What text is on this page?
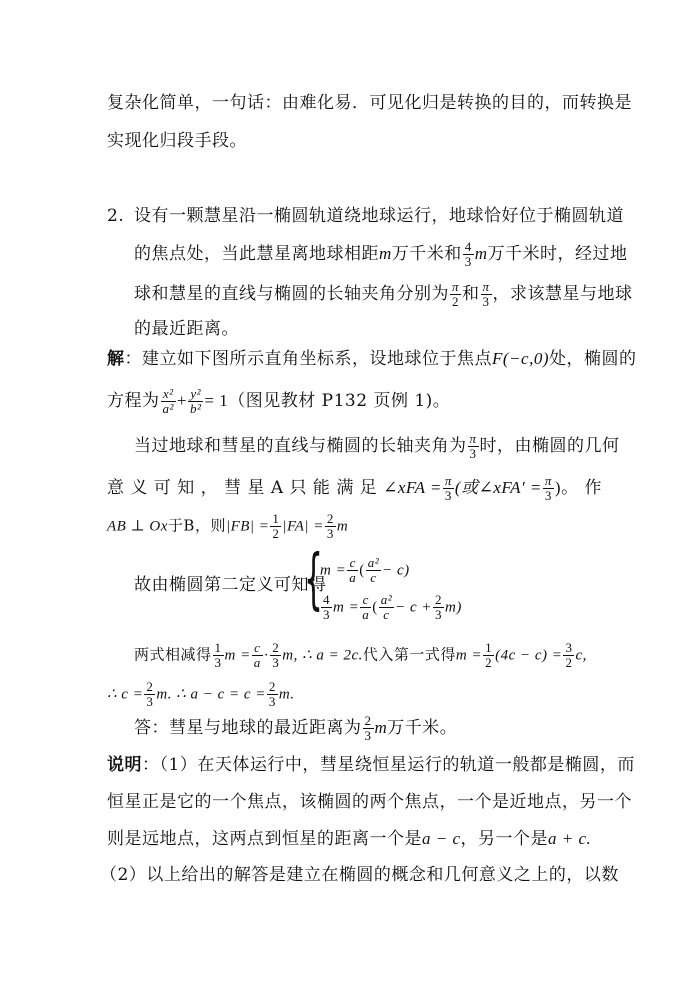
复杂化简单，一句话：由难化易．可见化归是转换的目的，而转换是
实现化归段手段。
2. 设有一颗慧星沿一椭圆轨道绕地球运行，地球恰好位于椭圆轨道
的焦点处，当此慧星离地球相距m万千米和 $\frac{4}{3}$ m万千米时，经过地
球和慧星的直线与椭圆的长轴夹角分别为 $\frac{\pi}{2}$ 和 $\frac{\pi}{3}$ ，求该慧星与地球
的最近距离。
解：建立如下图所示直角坐标系，设地球位于焦点F(−c,0)处，椭圆的
方程为 $\frac{\text{x²}}{\text{a²}} + \frac{\text{y²}}{\text{b²}} = 1$（图见教材 P132 页例 1)。
当过地球和彗星的直线与椭圆的长轴夹角为 $\frac{\pi}{3}$ 时，由椭圆的几何
意 义 可 知 ， 彗 星 A 只 能 满 足 ∠xFA = $\frac{\pi}{3}$ (或∠xFA′ = $\frac{\pi}{3}$ )。 作
AB ⊥ Ox于B，则$|FB| = \frac{1}{2} |FA| = \frac{2}{3}$ m
故由椭圆第二定义可知得
{
$m = \frac{c}{a}$ ( $\frac{\text{a²}}{c} - c$)
$\frac{4}{3}$ $m = \frac{c}{a}$ ( $\frac{\text{a²}}{c} - c + \frac{2}{3} m$)
两式相减得 $\frac{1}{3}$ $m = \frac{c}{a} \cdot \frac{2}{3} m$, ∴ a = 2c.代入第一式得$m = \frac{1}{2} (4c - c) = \frac{3}{2} c$,
∴ $c = \frac{2}{3} m$. ∴ $a - c = c = \frac{2}{3} m$.
答：彗星与地球的最近距离为 $\frac{2}{3}$ m万千米。
说明：（1）在天体运行中，彗星绕恒星运行的轨道一般都是椭圆，而
恒星正是它的一个焦点，该椭圆的两个焦点，一个是近地点，另一个
则是远地点，这两点到恒星的距离一个是a − c，另一个是a + c.
（2）以上给出的解答是建立在椭圆的概念和几何意义之上的，以数
